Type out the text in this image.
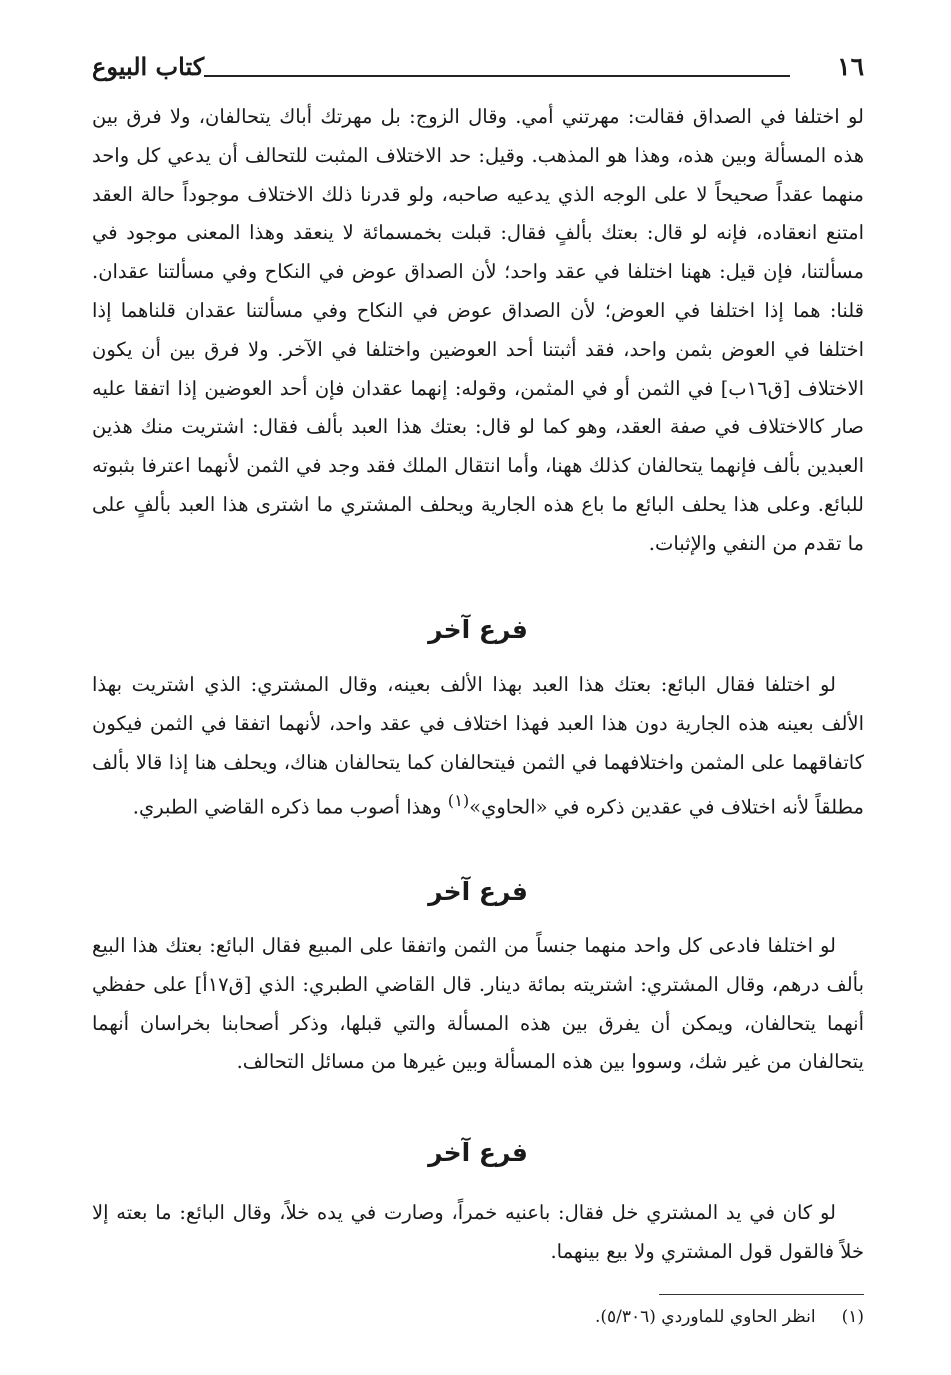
١٦
كتاب البيوع

لو اختلفا في الصداق فقالت: مهرتني أمي. وقال الزوج: بل مهرتك أباك يتحالفان، ولا فرق بين هذه المسألة وبين هذه، وهذا هو المذهب. وقيل: حد الاختلاف المثبت للتحالف أن يدعي كل واحد منهما عقداً صحيحاً لا على الوجه الذي يدعيه صاحبه، ولو قدرنا ذلك الاختلاف موجوداً حالة العقد امتنع انعقاده، فإنه لو قال: بعتك بألفٍ فقال: قبلت بخمسمائة لا ينعقد وهذا المعنى موجود في مسألتنا، فإن قيل: ههنا اختلفا في عقد واحد؛ لأن الصداق عوض في النكاح وفي مسألتنا عقدان. قلنا: هما إذا اختلفا في العوض؛ لأن الصداق عوض في النكاح وفي مسألتنا عقدان قلناهما إذا اختلفا في العوض بثمن واحد، فقد أثبتنا أحد العوضين واختلفا في الآخر. ولا فرق بين أن يكون الاختلاف [ق١٦ب] في الثمن أو في المثمن، وقوله: إنهما عقدان فإن أحد العوضين إذا اتفقا عليه صار كالاختلاف في صفة العقد، وهو كما لو قال: بعتك هذا العبد بألف فقال: اشتريت منك هذين العبدين بألف فإنهما يتحالفان كذلك ههنا، وأما انتقال الملك فقد وجد في الثمن لأنهما اعترفا بثبوته للبائع. وعلى هذا يحلف البائع ما باع هذه الجارية ويحلف المشتري ما اشترى هذا العبد بألفٍ على ما تقدم من النفي والإثبات.

فرع آخر

لو اختلفا فقال البائع: بعتك هذا العبد بهذا الألف بعينه، وقال المشتري: الذي اشتريت بهذا الألف بعينه هذه الجارية دون هذا العبد فهذا اختلاف في عقد واحد، لأنهما اتفقا في الثمن فيكون كاتفاقهما على المثمن واختلافهما في الثمن فيتحالفان كما يتحالفان هناك، ويحلف هنا إذا قالا بألف مطلقاً لأنه اختلاف في عقدين ذكره في «الحاوي»$^{(١)}$ وهذا أصوب مما ذكره القاضي الطبري.

فرع آخر

لو اختلفا فادعى كل واحد منهما جنساً من الثمن واتفقا على المبيع فقال البائع: بعتك هذا البيع بألف درهم، وقال المشتري: اشتريته بمائة دينار. قال القاضي الطبري: الذي [ق١٧أ] على حفظي أنهما يتحالفان، ويمكن أن يفرق بين هذه المسألة والتي قبلها، وذكر أصحابنا بخراسان أنهما يتحالفان من غير شك، وسووا بين هذه المسألة وبين غيرها من مسائل التحالف.

فرع آخر

لو كان في يد المشتري خل فقال: باعنيه خمراً، وصارت في يده خلاً، وقال البائع: ما بعته إلا خلاً فالقول قول المشتري ولا بيع بينهما.

(١)انظر الحاوي للماوردي (٥/٣٠٦).
